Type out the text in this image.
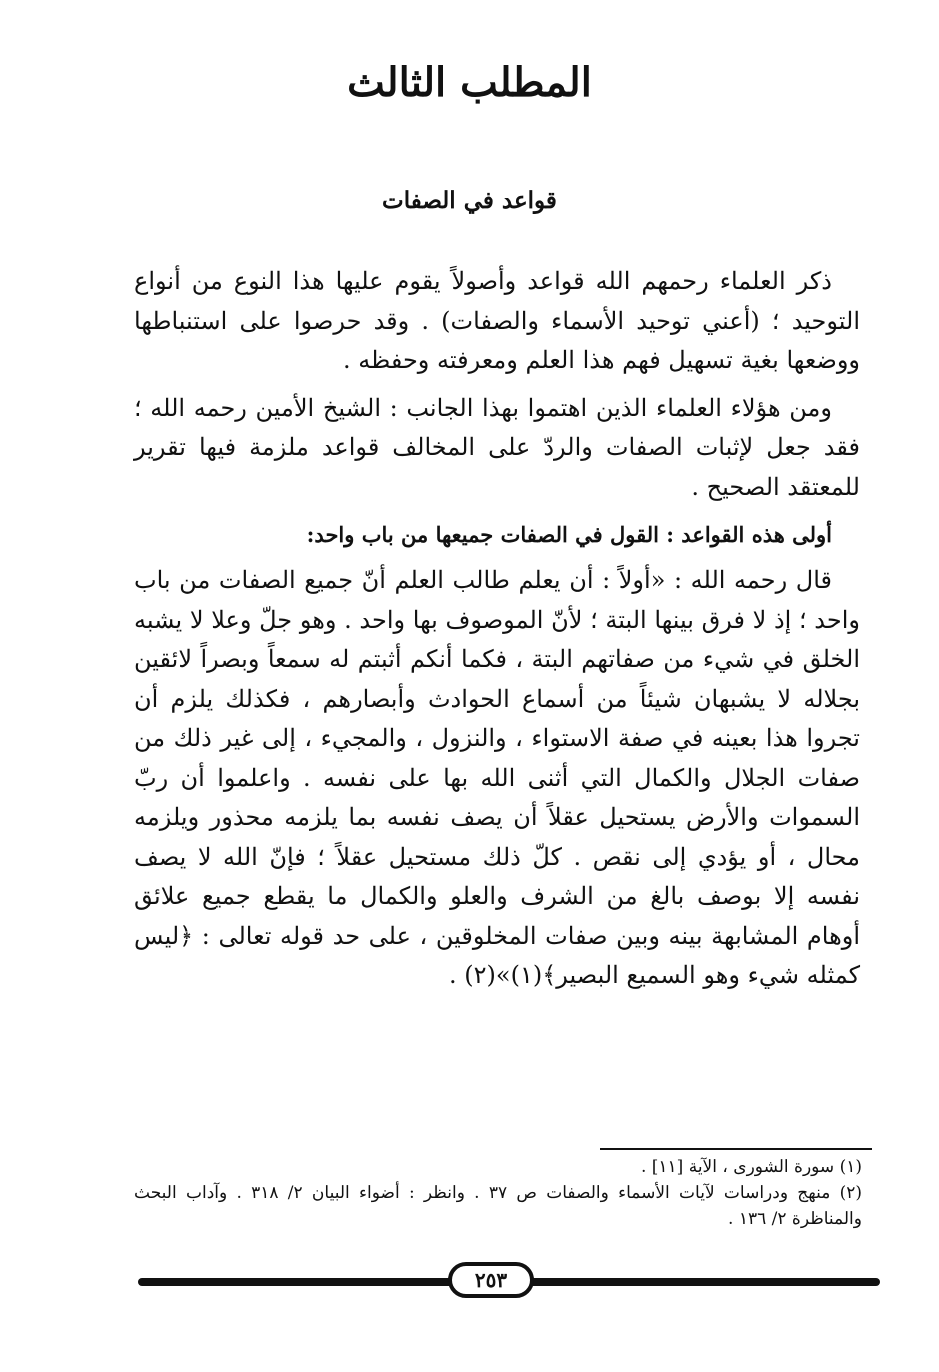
المطلب الثالث
قواعد في الصفات

ذكر العلماء رحمهم الله قواعد وأصولاً يقوم عليها هذا النوع من أنواع التوحيد ؛ (أعني توحيد الأسماء والصفات) . وقد حرصوا على استنباطها ووضعها بغية تسهيل فهم هذا العلم ومعرفته وحفظه .

ومن هؤلاء العلماء الذين اهتموا بهذا الجانب : الشيخ الأمين رحمه الله ؛ فقد جعل لإثبات الصفات والردّ على المخالف قواعد ملزمة فيها تقرير للمعتقد الصحيح .

أولى هذه القواعد : القول في الصفات جميعها من باب واحد:

قال رحمه الله : «أولاً : أن يعلم طالب العلم أنّ جميع الصفات من باب واحد ؛ إذ لا فرق بينها البتة ؛ لأنّ الموصوف بها واحد . وهو جلّ وعلا لا يشبه الخلق في شيء من صفاتهم البتة ، فكما أنكم أثبتم له سمعاً وبصراً لائقين بجلاله لا يشبهان شيئاً من أسماع الحوادث وأبصارهم ، فكذلك يلزم أن تجروا هذا بعينه في صفة الاستواء ، والنزول ، والمجيء ، إلى غير ذلك من صفات الجلال والكمال التي أثنى الله بها على نفسه . واعلموا أن ربّ السموات والأرض يستحيل عقلاً أن يصف نفسه بما يلزمه محذور ويلزمه محال ، أو يؤدي إلى نقص . كلّ ذلك مستحيل عقلاً ؛ فإنّ الله لا يصف نفسه إلا بوصف بالغ من الشرف والعلو والكمال ما يقطع جميع علائق أوهام المشابهة بينه وبين صفات المخلوقين ، على حد قوله تعالى : ﴿ليس كمثله شيء وهو السميع البصير﴾(١)»(٢) .

(١) سورة الشورى ، الآية [١١] .

(٢) منهج ودراسات لآيات الأسماء والصفات ص ٣٧ . وانظر : أضواء البيان ٢/ ٣١٨ . وآداب البحث والمناظرة ٢/ ١٣٦ .

٢٥٣
